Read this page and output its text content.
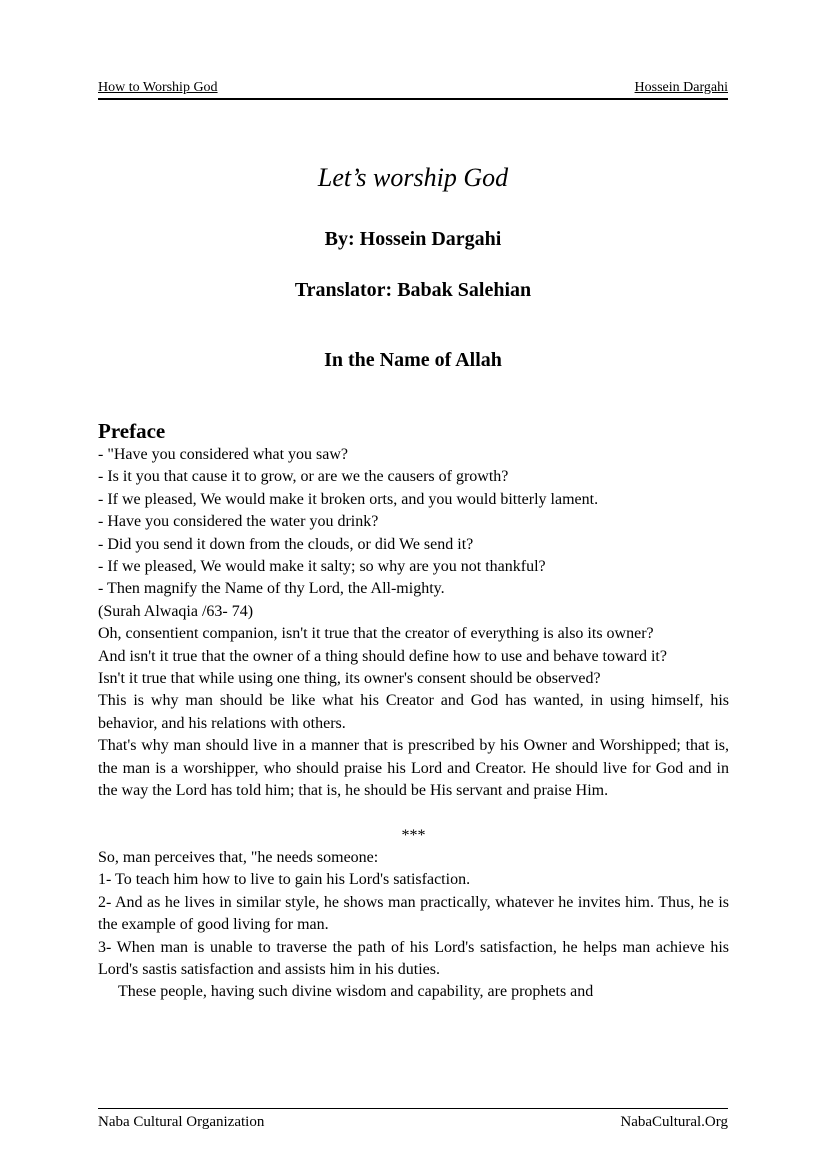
How to Worship God	Hossein Dargahi
Let’s worship God
By: Hossein Dargahi
Translator: Babak Salehian
In the Name of Allah

Preface

- "Have you considered what you saw?

- Is it you that cause it to grow, or are we the causers of growth?

- If we pleased, We would make it broken orts, and you would bitterly lament.

- Have you considered the water you drink?

- Did you send it down from the clouds, or did We send it?

- If we pleased, We would make it salty; so why are you not thankful?

- Then magnify the Name of thy Lord, the All-mighty.

(Surah Alwaqia /63- 74)

Oh, consentient companion, isn't it true that the creator of everything is also its owner?

And isn't it true that the owner of a thing should define how to use and behave toward it?

Isn't it true that while using one thing, its owner's consent should be observed?

This is why man should be like what his Creator and God has wanted, in using himself, his behavior, and his relations with others.

That's why man should live in a manner that is prescribed by his Owner and Worshipped; that is, the man is a worshipper, who should praise his Lord and Creator. He should live for God and in the way the Lord has told him; that is, he should be His servant and praise Him.

***

So, man perceives that, "he needs someone:

1- To teach him how to live to gain his Lord's satisfaction.

2- And as he lives in similar style, he shows man practically, whatever he invites him. Thus, he is the example of good living for man.

3- When man is unable to traverse the path of his Lord's satisfaction, he helps man achieve his Lord's sastis satisfaction and assists him in his duties.

These people, having such divine wisdom and capability, are prophets and

Naba Cultural Organization	NabaCultural.Org
